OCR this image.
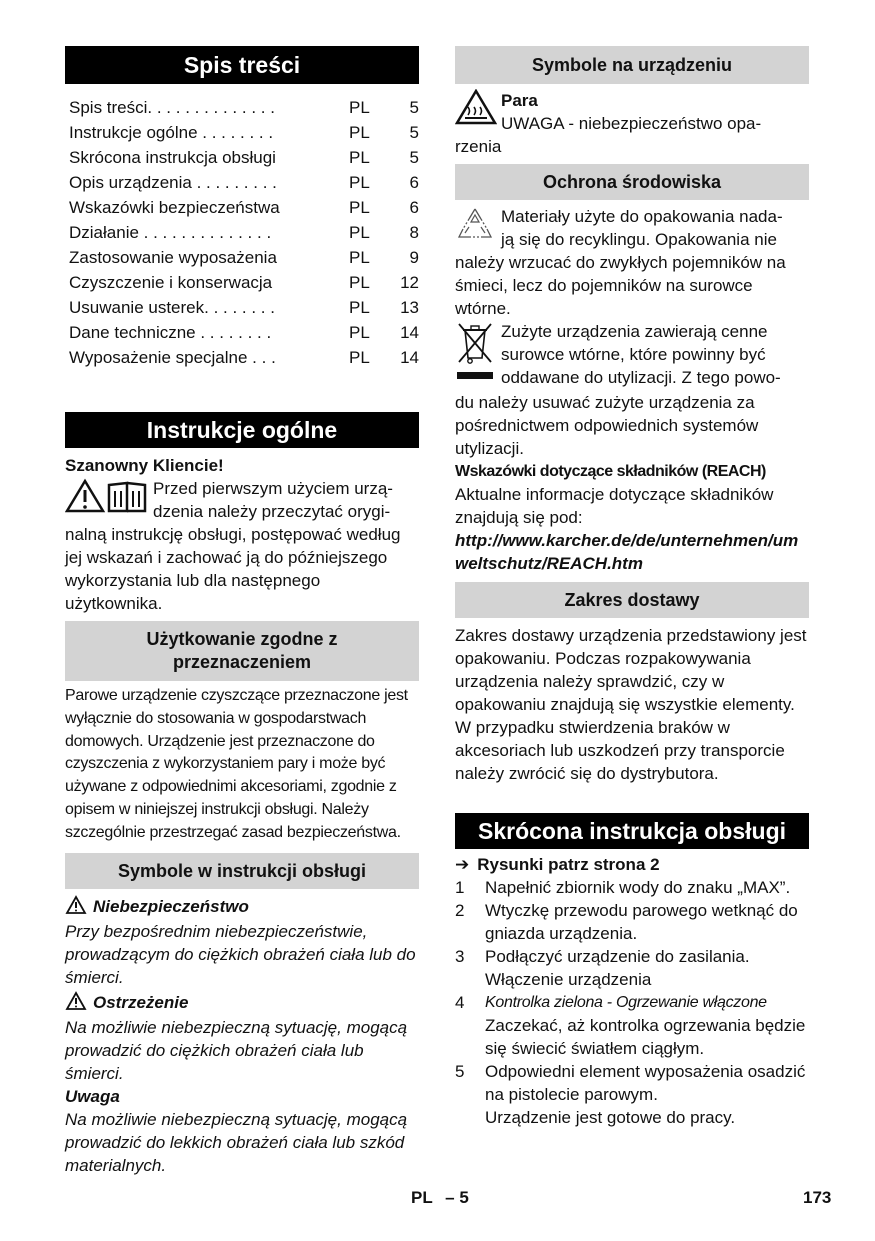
Spis treści
Spis treści. . . . . . . . . . . . . .	PL	5
Instrukcje ogólne . . . . . . . .	PL	5
Skrócona instrukcja obsługi	PL	5
Opis urządzenia . . . . . . . . .	PL	6
Wskazówki bezpieczeństwa	PL	6
Działanie . . . . . . . . . . . . . .	PL	8
Zastosowanie wyposażenia	PL	9
Czyszczenie i konserwacja	PL	12
Usuwanie usterek. . . . . . . .	PL	13
Dane techniczne . . . . . . . .	PL	14
Wyposażenie specjalne . . .	PL	14
Instrukcje ogólne

Szanowny Kliencie!

Przed pierwszym użyciem urzą-

dzenia należy przeczytać orygi-

nalną instrukcję obsługi, postępować według jej wskazań i zachować ją do późniejszego wykorzystania lub dla następnego użytkownika.

Użytkowanie zgodne z przeznaczeniem

Parowe urządzenie czyszczące przeznaczone jest wyłącznie do stosowania w gospodarstwach domowych. Urządzenie jest przeznaczone do czyszczenia z wykorzystaniem pary i może być używane z odpowiednimi akcesoriami, zgodnie z opisem w niniejszej instrukcji obsługi. Należy szczególnie przestrzegać zasad bezpieczeństwa.

Symbole w instrukcji obsługi
Niebezpieczeństwo

Przy bezpośrednim niebezpieczeństwie, prowadzącym do ciężkich obrażeń ciała lub do śmierci.

Ostrzeżenie

Na możliwie niebezpieczną sytuację, mogącą prowadzić do ciężkich obrażeń ciała lub śmierci.

Uwaga

Na możliwie niebezpieczną sytuację, mogącą prowadzić do lekkich obrażeń ciała lub szkód materialnych.

Symbole na urządzeniu

Para

UWAGA - niebezpieczeństwo opa-

rzenia

Ochrona środowiska

Materiały użyte do opakowania nada-

ją się do recyklingu. Opakowania nie

należy wrzucać do zwykłych pojemników na śmieci, lecz do pojemników na surowce wtórne.

Zużyte urządzenia zawierają cenne

surowce wtórne, które powinny być

oddawane do utylizacji. Z tego powo-

du należy usuwać zużyte urządzenia za pośrednictwem odpowiednich systemów utylizacji.

Wskazówki dotyczące składników (REACH)

Aktualne informacje dotyczące składników znajdują się pod:

http://www.karcher.de/de/unternehmen/umweltschutz/REACH.htm

Zakres dostawy

Zakres dostawy urządzenia przedstawiony jest opakowaniu. Podczas rozpakowywania urządzenia należy sprawdzić, czy w opakowaniu znajdują się wszystkie elementy.

W przypadku stwierdzenia braków w akcesoriach lub uszkodzeń przy transporcie należy zwrócić się do dystrybutora.

Skrócona instrukcja obsługi
➔ Rysunki patrz strona 2
1	Napełnić zbiornik wody do znaku „MAX”.
2	Wtyczkę przewodu parowego wetknąć do gniazda urządzenia.
3	Podłączyć urządzenie do zasilania.
Włączenie urządzenia
4	Kontrolka zielona - Ogrzewanie włączone
Zaczekać, aż kontrolka ogrzewania będzie się świecić światłem ciągłym.
5	Odpowiedni element wyposażenia osadzić na pistolecie parowym.
Urządzenie jest gotowe do pracy.
PL – 5	173
